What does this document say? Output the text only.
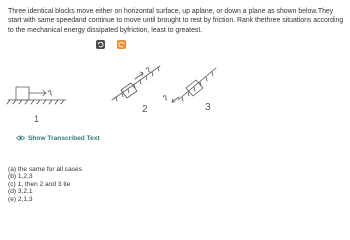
Three identical blocks move either on horizontal surface, up aplane, or down a plane as shown below.They start with same speedand continue to move until brought to rest by friction. Rank thethree situations according to the mechanical energy dissipated byfriction, least to greatest.
1
2	3
Show Transcribed Text
(a) the same for all cases
(b) 1,2,3
(c) 1, then 2 and 3 tie
(d) 3,2,1
(e) 2,1,3
